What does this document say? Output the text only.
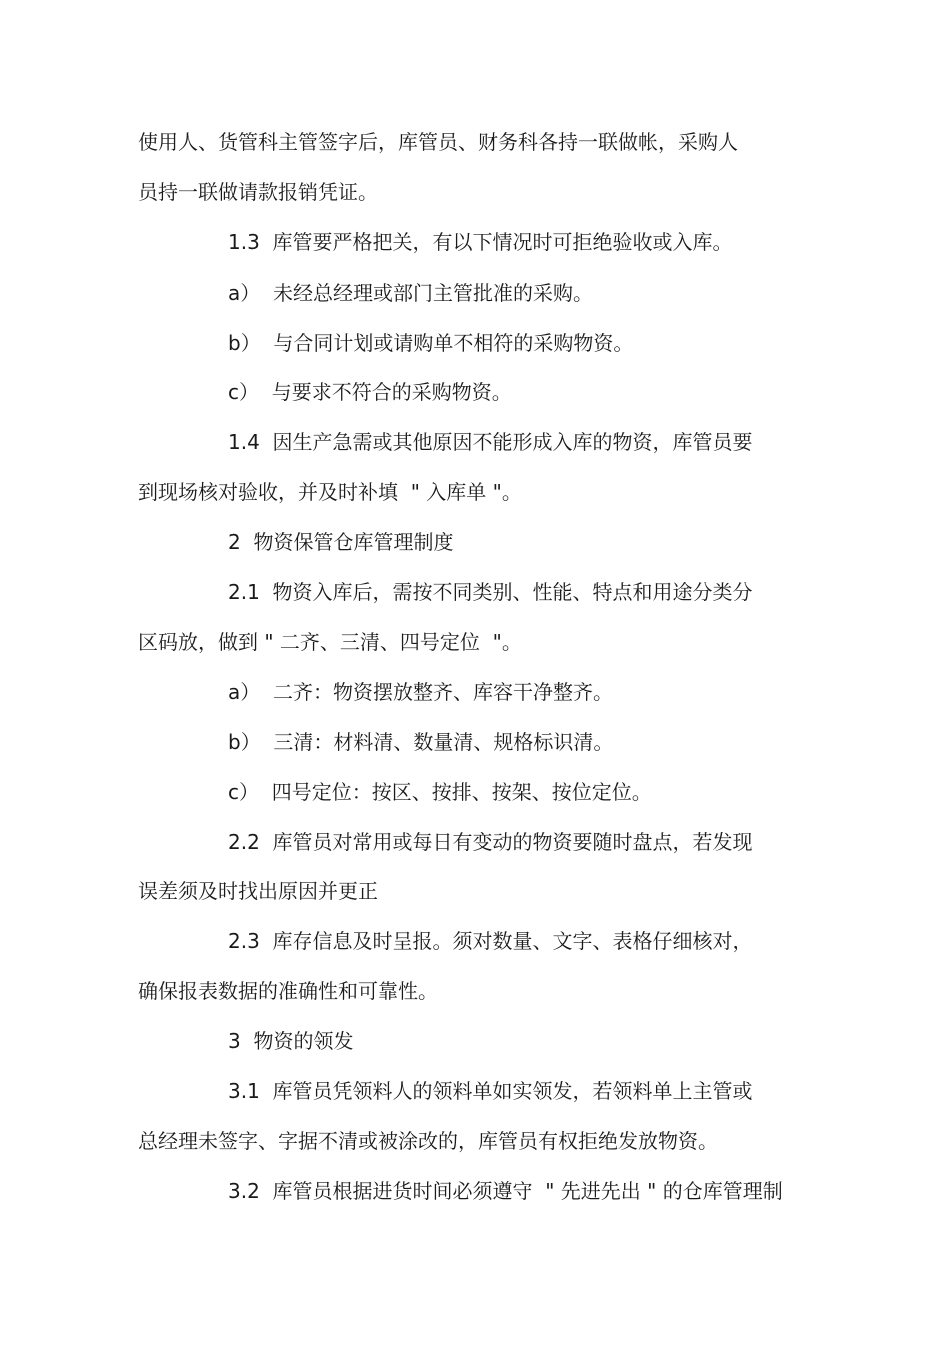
使用人、货管科主管签字后，库管员、财务科各持一联做帐，采购人
员持一联做请款报销凭证。
1.3  库管要严格把关，有以下情况时可拒绝验收或入库。
a）  未经总经理或部门主管批准的采购。
b）  与合同计划或请购单不相符的采购物资。
c）  与要求不符合的采购物资。
1.4  因生产急需或其他原因不能形成入库的物资，库管员要
到现场核对验收，并及时补填  " 入库单 "。
2  物资保管仓库管理制度
2.1  物资入库后，需按不同类别、性能、特点和用途分类分
区码放，做到 " 二齐、三清、四号定位  "。
a）  二齐：物资摆放整齐、库容干净整齐。
b）  三清：材料清、数量清、规格标识清。
c）  四号定位：按区、按排、按架、按位定位。
2.2  库管员对常用或每日有变动的物资要随时盘点，若发现
误差须及时找出原因并更正
2.3  库存信息及时呈报。须对数量、文字、表格仔细核对，
确保报表数据的准确性和可靠性。
3  物资的领发
3.1  库管员凭领料人的领料单如实领发，若领料单上主管或
总经理未签字、字据不清或被涂改的，库管员有权拒绝发放物资。
3.2  库管员根据进货时间必须遵守  " 先进先出 " 的仓库管理制
